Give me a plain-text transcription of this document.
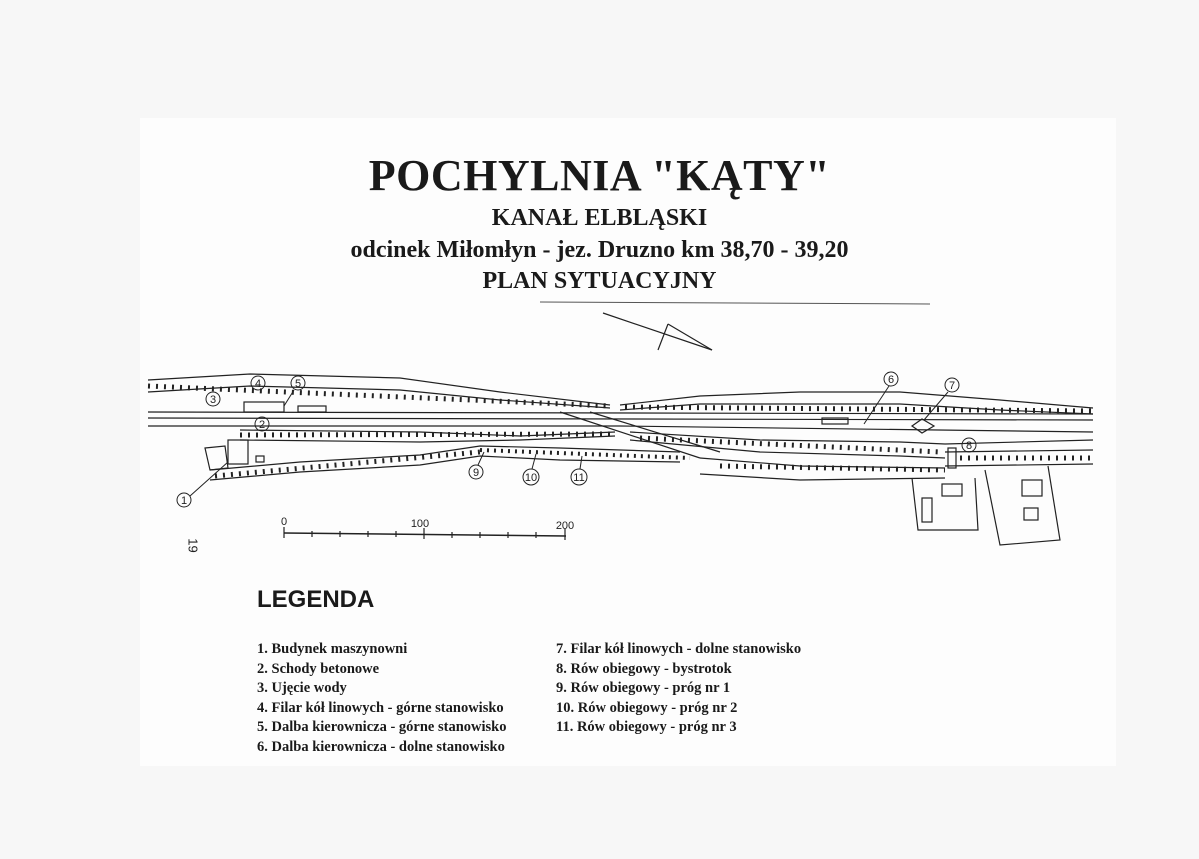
POCHYLNIA "KĄTY"
KANAŁ ELBLĄSKI
odcinek Miłomłyn - jez. Druzno km 38,70 - 39,20
PLAN SYTUACYJNY
1
2
3
4	5	6	7
8
9	10	11
0	100	200
19
LEGENDA
1. Budynek maszynowni
2. Schody betonowe
3. Ujęcie wody
4. Filar kół linowych - górne stanowisko
5. Dalba kierownicza - górne stanowisko
6. Dalba kierownicza - dolne stanowisko
7. Filar kół linowych - dolne stanowisko
8. Rów obiegowy - bystrotok
9. Rów obiegowy - próg nr 1
10. Rów obiegowy - próg nr 2
11. Rów obiegowy - próg nr 3
